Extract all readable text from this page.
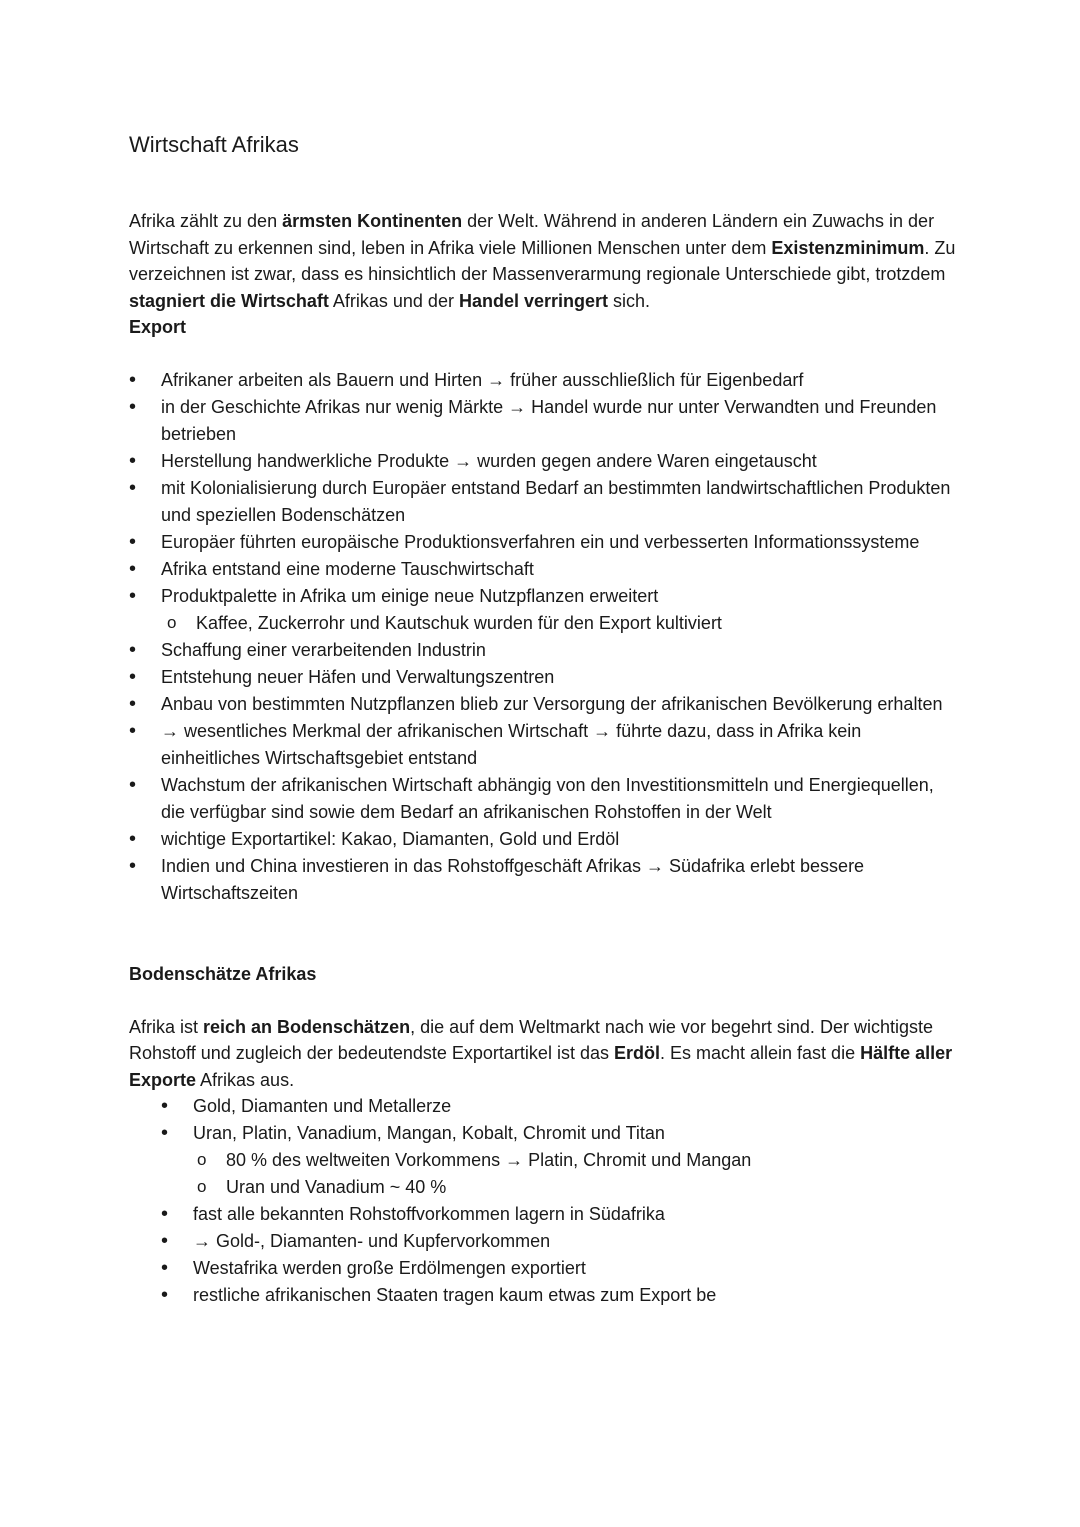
Wirtschaft Afrikas

Afrika zählt zu den ärmsten Kontinenten der Welt. Während in anderen Ländern ein Zuwachs in der Wirtschaft zu erkennen sind, leben in Afrika viele Millionen Menschen unter dem Existenzminimum. Zu verzeichnen ist zwar, dass es hinsichtlich der Massenverarmung regionale Unterschiede gibt, trotzdem stagniert die Wirtschaft Afrikas und der Handel verringert sich.

Export

• Afrikaner arbeiten als Bauern und Hirten → früher ausschließlich für Eigenbedarf
• in der Geschichte Afrikas nur wenig Märkte → Handel wurde nur unter Verwandten und Freunden betrieben
• Herstellung handwerkliche Produkte → wurden gegen andere Waren eingetauscht
• mit Kolonialisierung durch Europäer entstand Bedarf an bestimmten landwirtschaftlichen Produkten und speziellen Bodenschätzen
• Europäer führten europäische Produktionsverfahren ein und verbesserten Informationssysteme
• Afrika entstand eine moderne Tauschwirtschaft
• Produktpalette in Afrika um einige neue Nutzpflanzen erweitert
o Kaffee, Zuckerrohr und Kautschuk wurden für den Export kultiviert
• Schaffung einer verarbeitenden Industrin
• Entstehung neuer Häfen und Verwaltungszentren
• Anbau von bestimmten Nutzpflanzen blieb zur Versorgung der afrikanischen Bevölkerung erhalten
• → wesentliches Merkmal der afrikanischen Wirtschaft → führte dazu, dass in Afrika kein einheitliches Wirtschaftsgebiet entstand
• Wachstum der afrikanischen Wirtschaft abhängig von den Investitionsmitteln und Energiequellen, die verfügbar sind sowie dem Bedarf an afrikanischen Rohstoffen in der Welt
• wichtige Exportartikel: Kakao, Diamanten, Gold und Erdöl
• Indien und China investieren in das Rohstoffgeschäft Afrikas → Südafrika erlebt bessere Wirtschaftszeiten

Bodenschätze Afrikas

Afrika ist reich an Bodenschätzen, die auf dem Weltmarkt nach wie vor begehrt sind. Der wichtigste Rohstoff und zugleich der bedeutendste Exportartikel ist das Erdöl. Es macht allein fast die Hälfte aller Exporte Afrikas aus.

• Gold, Diamanten und Metallerze
• Uran, Platin, Vanadium, Mangan, Kobalt, Chromit und Titan
o 80 % des weltweiten Vorkommens → Platin, Chromit und Mangan
o Uran und Vanadium ~ 40 %
• fast alle bekannten Rohstoffvorkommen lagern in Südafrika
• → Gold-, Diamanten- und Kupfervorkommen
• Westafrika werden große Erdölmengen exportiert
• restliche afrikanischen Staaten tragen kaum etwas zum Export be
